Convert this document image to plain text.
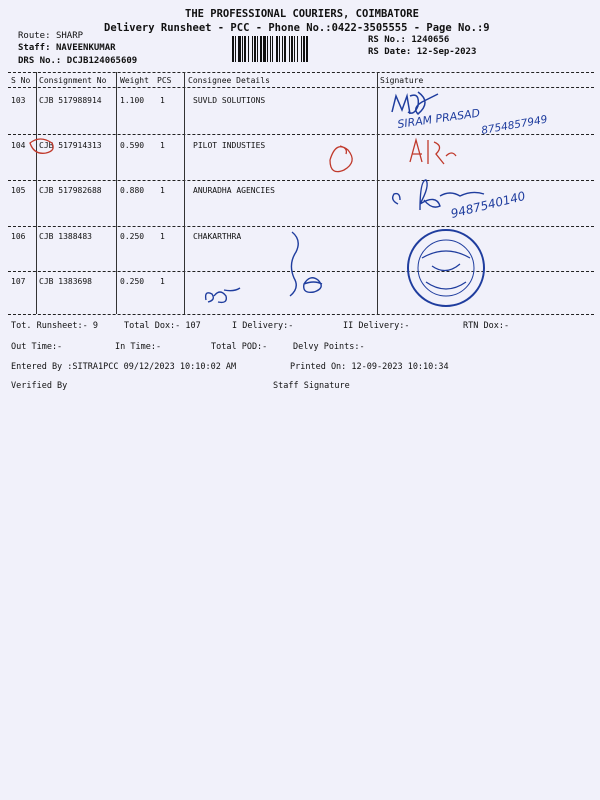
THE PROFESSIONAL COURIERS, COIMBATORE
Delivery Runsheet - PCC - Phone No.:0422-3505555 - Page No.:9
Route: SHARP
Staff: NAVEENKUMAR
DRS No.: DCJB124065609
RS No.: 1240656
RS Date: 12-Sep-2023
S No Consignment No Weight PCS Consignee Details	Signature
103 CJB 517988914 1.100 1	SUVLD SOLUTIONS
104 CJB 517914313 0.590 1	PILOT INDUSTIES
105 CJB 517982688 0.880 1	ANURADHA AGENCIES
106 CJB 1388483	0.250 1	CHAKARTHRA
107 CJB 1383698	0.250 1
SIRAM PRASAD 8754857949
9487540140
Tot. Runsheet:- 9	Total Dox:- 107	I Delivery:-	II Delivery:-	RTN Dox:-
Out Time:-	In Time:-	Total POD:-	Delvy Points:-
Entered By :SITRA1PCC 09/12/2023 10:10:02 AM	Printed On: 12-09-2023 10:10:34
Verified By	Staff Signature
